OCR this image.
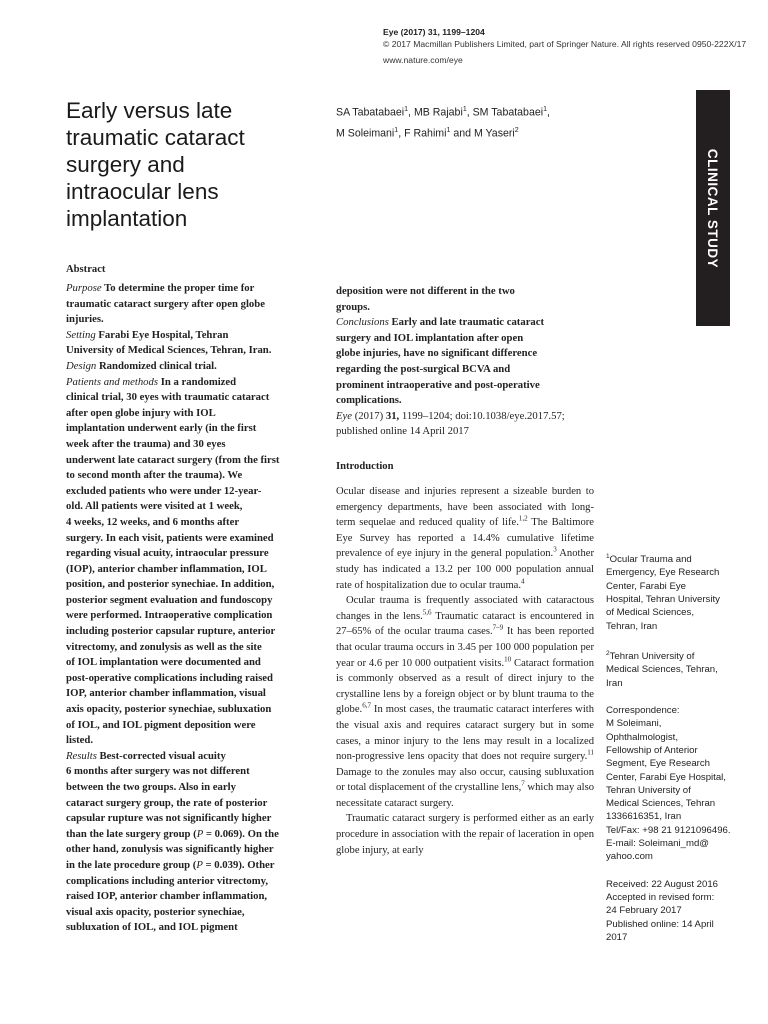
Eye (2017) 31, 1199–1204
© 2017 Macmillan Publishers Limited, part of Springer Nature. All rights reserved 0950-222X/17
www.nature.com/eye
CLINICAL STUDY
Early versus late
traumatic cataract
surgery and
intraocular lens
implantation
SA Tabatabaei$^1$, MB Rajabi$^1$, SM Tabatabaei$^1$,
M Soleimani$^1$, F Rahimi$^1$ and M Yaseri$^2$
Abstract
Purpose To determine the proper time for
traumatic cataract surgery after open globe
injuries.
Setting Farabi Eye Hospital, Tehran
University of Medical Sciences, Tehran, Iran.
Design Randomized clinical trial.
Patients and methods In a randomized
clinical trial, 30 eyes with traumatic cataract
after open globe injury with IOL
implantation underwent early (in the first
week after the trauma) and 30 eyes
underwent late cataract surgery (from the first
to second month after the trauma). We
excluded patients who were under 12-year-
old. All patients were visited at 1 week,
4 weeks, 12 weeks, and 6 months after
surgery. In each visit, patients were examined
regarding visual acuity, intraocular pressure
(IOP), anterior chamber inflammation, IOL
position, and posterior synechiae. In addition,
posterior segment evaluation and fundoscopy
were performed. Intraoperative complication
including posterior capsular rupture, anterior
vitrectomy, and zonulysis as well as the site
of IOL implantation were documented and
post-operative complications including raised
IOP, anterior chamber inflammation, visual
axis opacity, posterior synechiae, subluxation
of IOL, and IOL pigment deposition were
listed.
Results Best-corrected visual acuity
6 months after surgery was not different
between the two groups. Also in early
cataract surgery group, the rate of posterior
capsular rupture was not significantly higher
than the late surgery group (P = 0.069). On the
other hand, zonulysis was significantly higher
in the late procedure group (P = 0.039). Other
complications including anterior vitrectomy,
raised IOP, anterior chamber inflammation,
visual axis opacity, posterior synechiae,
subluxation of IOL, and IOL pigment
deposition were not different in the two
groups.
Conclusions Early and late traumatic cataract
surgery and IOL implantation after open
globe injuries, have no significant difference
regarding the post-surgical BCVA and
prominent intraoperative and post-operative
complications.
Eye (2017) 31, 1199–1204; doi:10.1038/eye.2017.57;
published online 14 April 2017
Introduction

Ocular disease and injuries represent a sizeable burden to emergency departments, have been associated with long-term sequelae and reduced quality of life.$^{1,2}$ The Baltimore Eye Survey has reported a 14.4% cumulative lifetime prevalence of eye injury in the general population.$^3$ Another study has indicated a 13.2 per 100 000 population annual rate of hospitalization due to ocular trauma.$^4$

Ocular trauma is frequently associated with cataractous changes in the lens.$^{5,6}$ Traumatic cataract is encountered in 27–65% of the ocular trauma cases.$^{7-9}$ It has been reported that ocular trauma occurs in 3.45 per 100 000 population per year or 4.6 per 10 000 outpatient visits.$^{10}$ Cataract formation is commonly observed as a result of direct injury to the crystalline lens by a foreign object or by blunt trauma to the globe.$^{6,7}$ In most cases, the traumatic cataract interferes with the visual axis and requires cataract surgery but in some cases, a minor injury to the lens may result in a localized non-progressive lens opacity that does not require surgery.$^{11}$ Damage to the zonules may also occur, causing subluxation or total displacement of the crystalline lens,$^7$ which may also necessitate cataract surgery.

Traumatic cataract surgery is performed either as an early procedure in association with the repair of laceration in open globe injury, at early

$^1$Ocular Trauma and
Emergency, Eye Research
Center, Farabi Eye
Hospital, Tehran University
of Medical Sciences,
Tehran, Iran
$^2$Tehran University of
Medical Sciences, Tehran,
Iran
Correspondence:
M Soleimani,
Ophthalmologist,
Fellowship of Anterior
Segment, Eye Research
Center, Farabi Eye Hospital,
Tehran University of
Medical Sciences, Tehran
1336616351, Iran
Tel/Fax: +98 21 9121096496.
E-mail: Soleimani_md@
yahoo.com
Received: 22 August 2016
Accepted in revised form:
24 February 2017
Published online: 14 April
2017
